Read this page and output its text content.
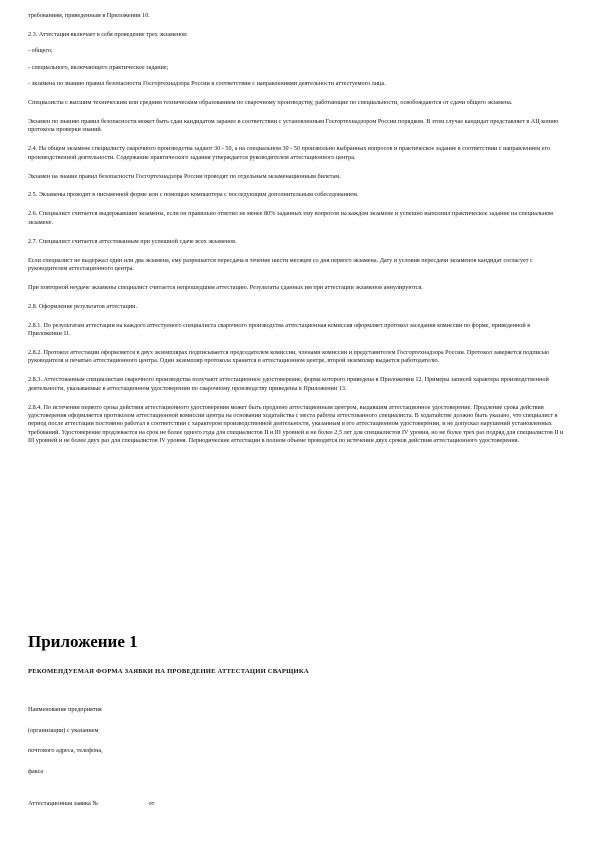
требованиям, приведенным в Приложении 10.

2.3. Аттестация включает в себя проведение трех экзаменов:

- общего;

- специального, включающего практическое задание;

- экзамена по знанию правил безопасности Госгортехнадзора России в соответствии с направлениями деятельности аттестуемого лица.

Специалисты с высшим техническим или средним техническим образованием по сварочному производству, работающие по специальности, освобождаются от сдачи общего экзамена.

Экзамен по знанию правил безопасности может быть сдан кандидатом заранее в соответствии с установленным Госгортехнадзором России порядком. В этом случае кандидат представляет в АЦ копию протокола проверки знаний.

2.4. На общем экзамене специалисту сварочного производства задают 30 - 50, а на специальном 30 - 50 произвольно выбранных вопросов и практическое задание в соответствии с направлением его производственной деятельности. Содержание практического задания утверждается руководителем аттестационного центра.

Экзамен на знание правил безопасности Госгортехнадзора России проводят по отдельным экзаменационным билетам.

2.5. Экзамены проводят в письменной форме или с помощью компьютера с последующим дополнительным собеседованием.

2.6. Специалист считается выдержавшим экзамены, если он правильно ответил не менее 80% заданных ему вопросов на каждом экзамене и успешно выполнил практическое задание на специальном экзамене.

2.7. Специалист считается аттестованным при успешной сдаче всех экзаменов.

Если специалист не выдержал один или два экзамена, ему разрешается пересдача в течение шести месяцев со дня первого экзамена. Дату и условия пересдачи экзаменов кандидат согласует с руководителем аттестационного центра.

При повторной неудаче экзамены специалист считается непрошедшим аттестацию. Результаты сданных им при аттестации экзаменов аннулируются.

2.8. Оформление результатов аттестации.

2.8.1. По результатам аттестации на каждого аттестуемого специалиста сварочного производства аттестационная комиссия оформляет протокол заседания комиссии по форме, приведенной в Приложении 11.

2.8.2. Протокол аттестации оформляется в двух экземплярах подписывается председателем комиссии, членами комиссии и представителем Госгортехнадзора России. Протокол заверяется подписью руководителя и печатью аттестационного центра. Один экземпляр протокола хранится в аттестационном центре, второй экземпляр выдается работодателю.

2.8.3. Аттестованным специалистам сварочного производства получают аттестационное удостоверение, форма которого приведена в Приложении 12. Примеры записей характера производственной деятельности, указываемые в аттестационном удостоверении по сварочному производству приведены в Приложении 13.

2.8.4. По истечении первого срока действия аттестационного удостоверения может быть продлено аттестационным центром, выдавшим аттестационное удостоверение. Продление срока действия удостоверения оформляется протоколом аттестационной комиссии центра на основании ходатайства с места работы аттестованного специалиста. В ходатайстве должно быть указано, что специалист в период после аттестации постоянно работал в соответствии с характером производственной деятельности, указанным в его аттестационном удостоверении, и не допускал нарушений установленных требований. Удостоверение продлевается на срок не более одного года для специалистов II и III уровней и не более 2,5 лет для специалистов IV уровня, но не более трех раз подряд для специалистов II и III уровней и не более двух раз для специалистов IV уровня. Периодические аттестации в полном объеме проводятся по истечении двух сроков действия аттестационного удостоверения.

Приложение 1

РЕКОМЕНДУЕМАЯ ФОРМА ЗАЯВКИ НА ПРОВЕДЕНИЕ АТТЕСТАЦИИ СВАРЩИКА

Наименование предприятия

(организации) с указанием

почтового адреса, телефона,

факса

Аттестационная заявка №	от
